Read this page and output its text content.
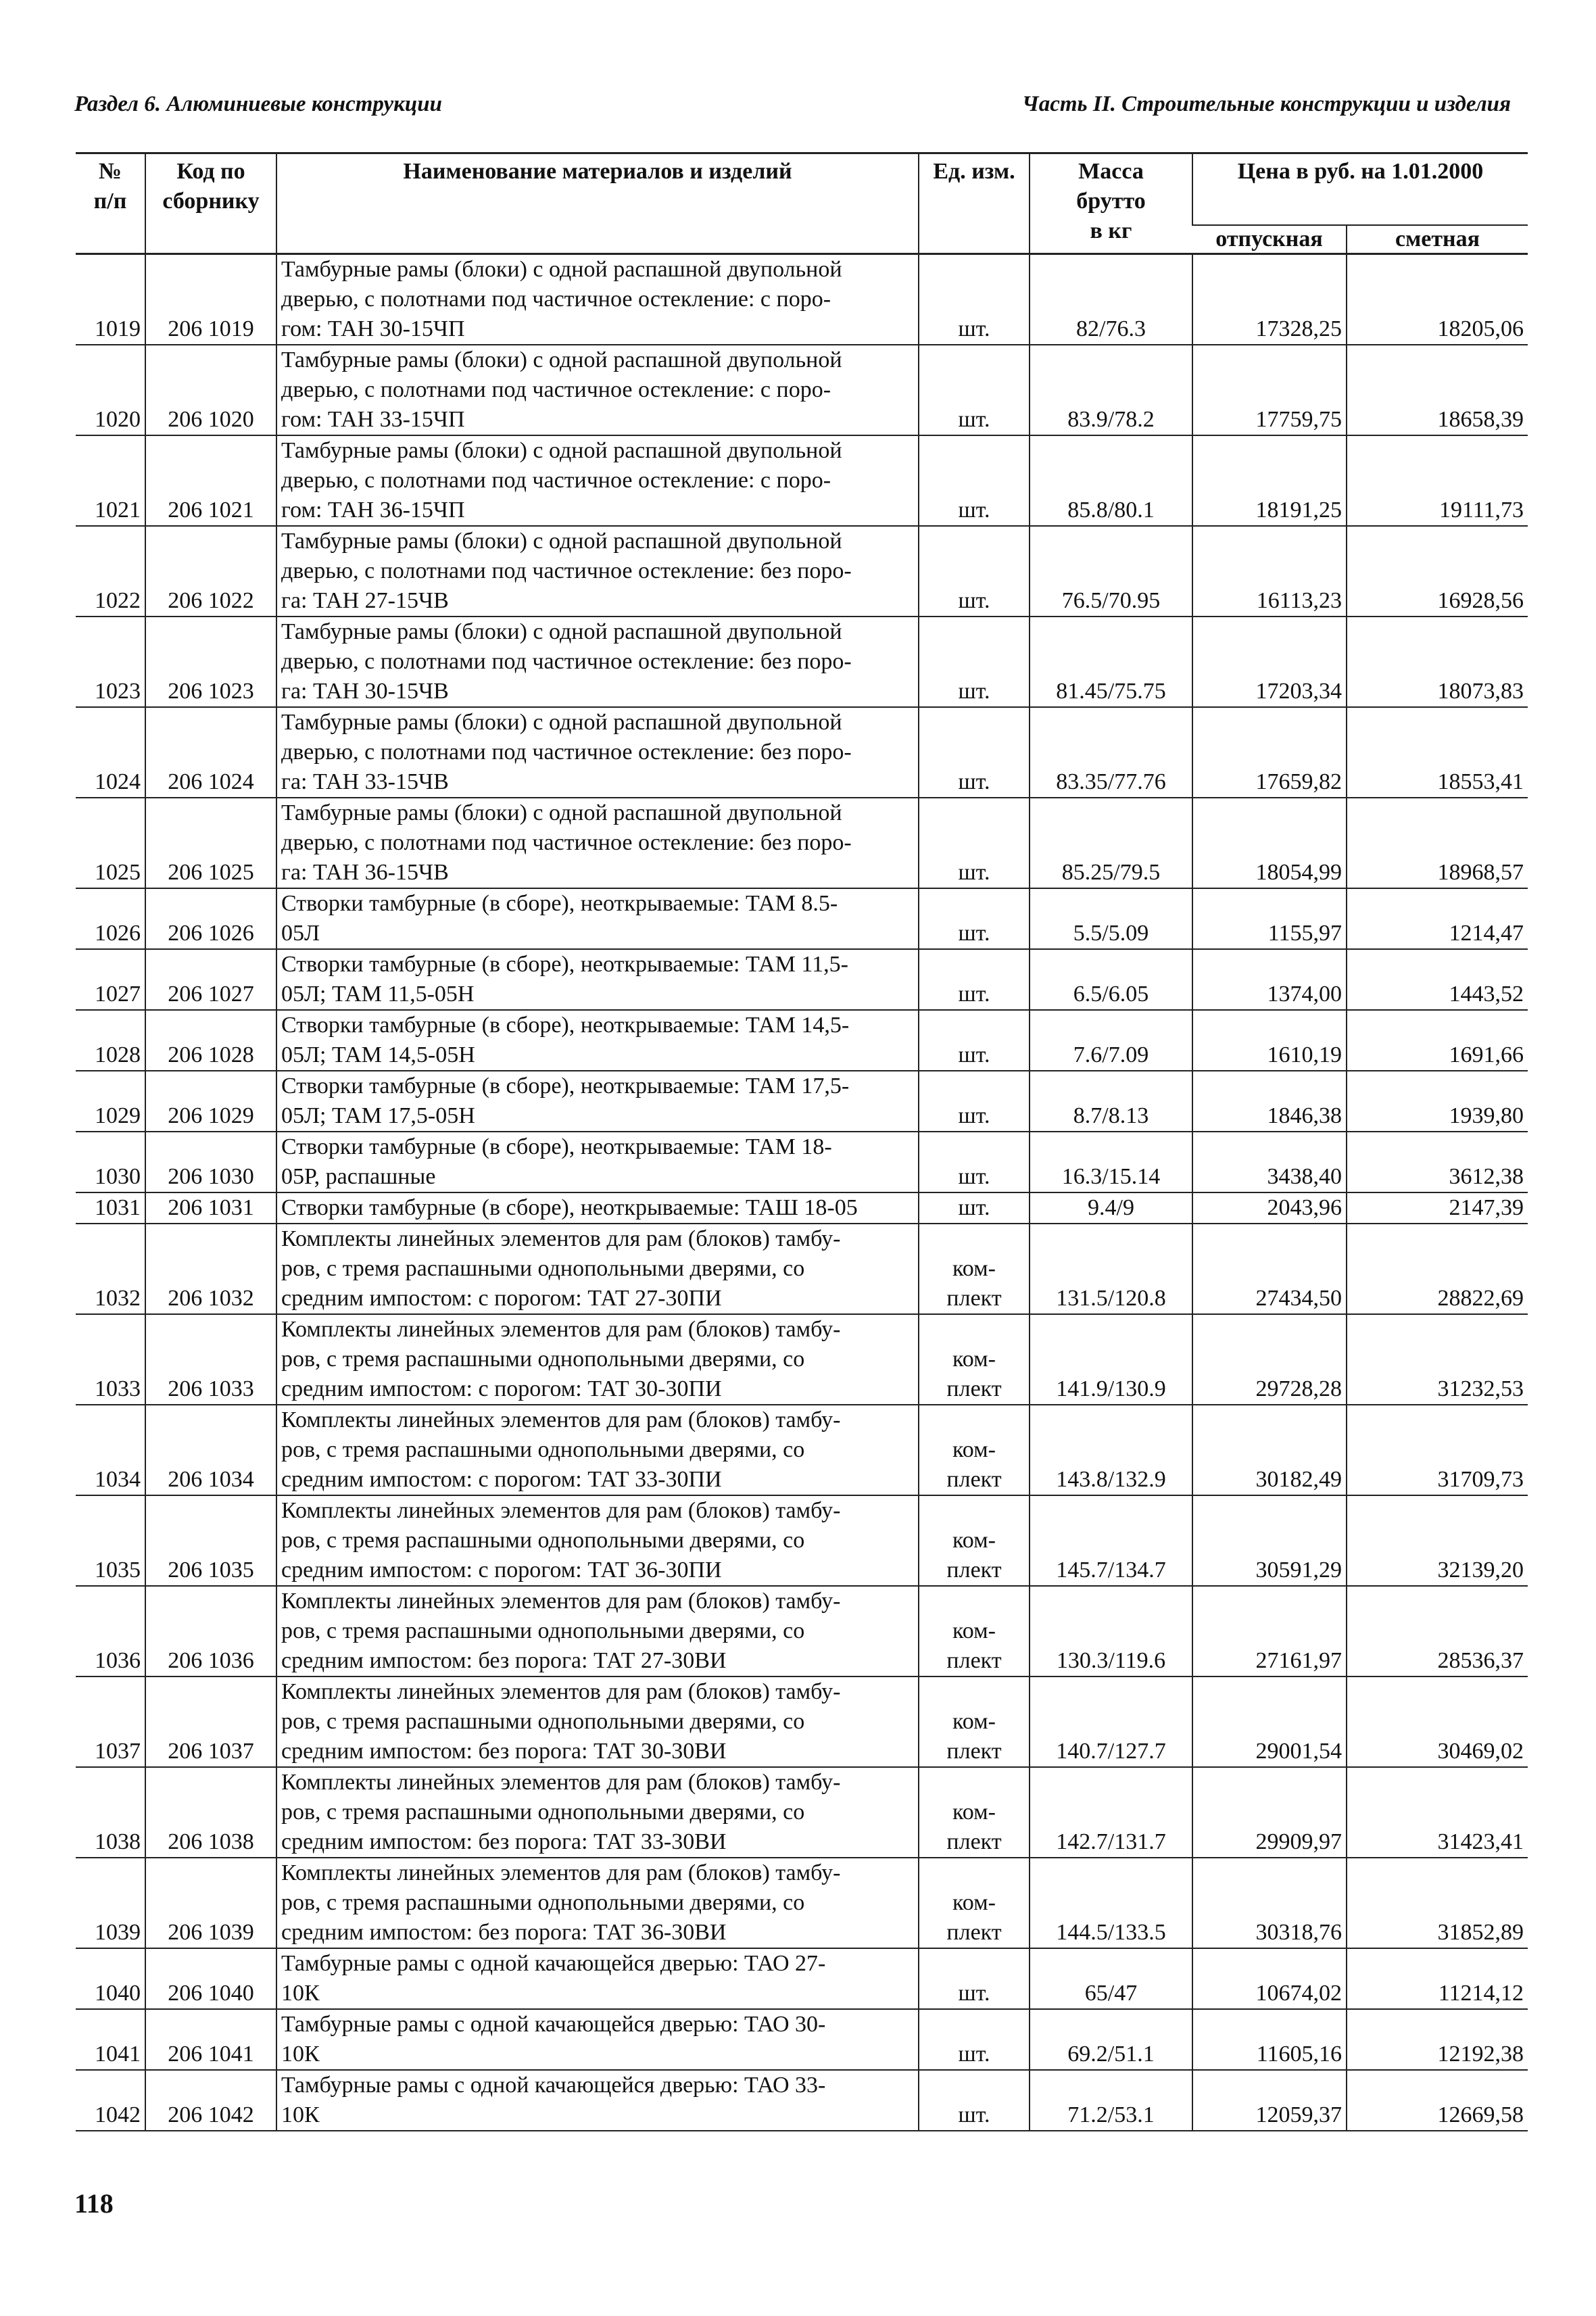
Раздел 6. Алюминиевые конструкции	Часть II. Строительные конструкции и изделия
№
п/п	Код по
сборнику	Наименование материалов и изделий	Ед. изм.	Масса
брутто
в кг	Цена в руб. на 1.01.2000	
					отпускная	сметная

1019	206 1019	Тамбурные рамы (блоки) с одной распашной двупольной
дверью, с полотнами под частичное остекление: с поро-
гом: ТАН 30-15ЧП	шт.	82/76.3	17328,25	18205,06

1020	206 1020	Тамбурные рамы (блоки) с одной распашной двупольной
дверью, с полотнами под частичное остекление: с поро-
гом: ТАН 33-15ЧП	шт.	83.9/78.2	17759,75	18658,39

1021	206 1021	Тамбурные рамы (блоки) с одной распашной двупольной
дверью, с полотнами под частичное остекление: с поро-
гом: ТАН 36-15ЧП	шт.	85.8/80.1	18191,25	19111,73

1022	206 1022	Тамбурные рамы (блоки) с одной распашной двупольной
дверью, с полотнами под частичное остекление: без поро-
га: ТАН 27-15ЧВ	шт.	76.5/70.95	16113,23	16928,56

1023	206 1023	Тамбурные рамы (блоки) с одной распашной двупольной
дверью, с полотнами под частичное остекление: без поро-
га: ТАН 30-15ЧВ	шт.	81.45/75.75	17203,34	18073,83

1024	206 1024	Тамбурные рамы (блоки) с одной распашной двупольной
дверью, с полотнами под частичное остекление: без поро-
га: ТАН 33-15ЧВ	шт.	83.35/77.76	17659,82	18553,41

1025	206 1025	Тамбурные рамы (блоки) с одной распашной двупольной
дверью, с полотнами под частичное остекление: без поро-
га: ТАН 36-15ЧВ	шт.	85.25/79.5	18054,99	18968,57

1026	206 1026	Створки тамбурные (в сборе), неоткрываемые: ТАМ 8.5-
05Л	шт.	5.5/5.09	1155,97	1214,47

1027	206 1027	Створки тамбурные (в сборе), неоткрываемые: ТАМ 11,5-
05Л; ТАМ 11,5-05Н	шт.	6.5/6.05	1374,00	1443,52

1028	206 1028	Створки тамбурные (в сборе), неоткрываемые: ТАМ 14,5-
05Л; ТАМ 14,5-05Н	шт.	7.6/7.09	1610,19	1691,66

1029	206 1029	Створки тамбурные (в сборе), неоткрываемые: ТАМ 17,5-
05Л; ТАМ 17,5-05Н	шт.	8.7/8.13	1846,38	1939,80

1030	206 1030	Створки тамбурные (в сборе), неоткрываемые: ТАМ 18-
05Р, распашные	шт.	16.3/15.14	3438,40	3612,38

1031	206 1031	Створки тамбурные (в сборе), неоткрываемые: ТАШ 18-05	шт.	9.4/9	2043,96	2147,39

1032	206 1032	Комплекты линейных элементов для рам (блоков) тамбу-
ров, с тремя распашными однопольными дверями, со
средним импостом: с порогом: ТАТ 27-30ПИ	ком-
плект	131.5/120.8	27434,50	28822,69

1033	206 1033	Комплекты линейных элементов для рам (блоков) тамбу-
ров, с тремя распашными однопольными дверями, со
средним импостом: с порогом: ТАТ 30-30ПИ	ком-
плект	141.9/130.9	29728,28	31232,53

1034	206 1034	Комплекты линейных элементов для рам (блоков) тамбу-
ров, с тремя распашными однопольными дверями, со
средним импостом: с порогом: ТАТ 33-30ПИ	ком-
плект	143.8/132.9	30182,49	31709,73

1035	206 1035	Комплекты линейных элементов для рам (блоков) тамбу-
ров, с тремя распашными однопольными дверями, со
средним импостом: с порогом: ТАТ 36-30ПИ	ком-
плект	145.7/134.7	30591,29	32139,20

1036	206 1036	Комплекты линейных элементов для рам (блоков) тамбу-
ров, с тремя распашными однопольными дверями, со
средним импостом: без порога: ТАТ 27-30ВИ	ком-
плект	130.3/119.6	27161,97	28536,37

1037	206 1037	Комплекты линейных элементов для рам (блоков) тамбу-
ров, с тремя распашными однопольными дверями, со
средним импостом: без порога: ТАТ 30-30ВИ	ком-
плект	140.7/127.7	29001,54	30469,02

1038	206 1038	Комплекты линейных элементов для рам (блоков) тамбу-
ров, с тремя распашными однопольными дверями, со
средним импостом: без порога: ТАТ 33-30ВИ	ком-
плект	142.7/131.7	29909,97	31423,41

1039	206 1039	Комплекты линейных элементов для рам (блоков) тамбу-
ров, с тремя распашными однопольными дверями, со
средним импостом: без порога: ТАТ 36-30ВИ	ком-
плект	144.5/133.5	30318,76	31852,89

1040	206 1040	Тамбурные рамы с одной качающейся дверью: ТАО 27-
10К	шт.	65/47	10674,02	11214,12

1041	206 1041	Тамбурные рамы с одной качающейся дверью: ТАО 30-
10К	шт.	69.2/51.1	11605,16	12192,38

1042	206 1042	Тамбурные рамы с одной качающейся дверью: ТАО 33-
10К	шт.	71.2/53.1	12059,37	12669,58
118
